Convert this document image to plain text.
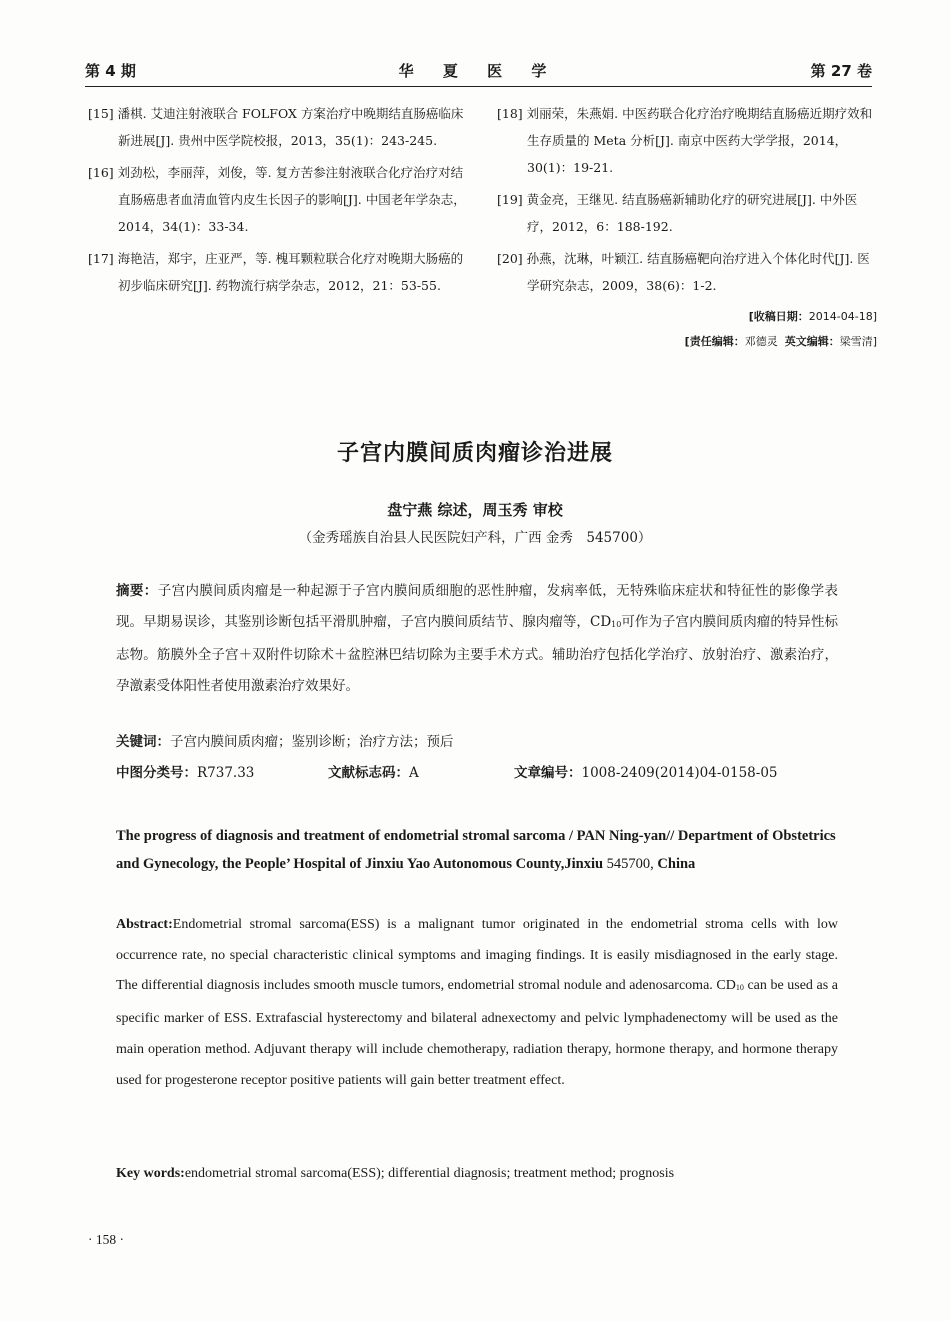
第 4 期	华 夏 医 学	第 27 卷

[15] 潘棋. 艾迪注射液联合 FOLFOX 方案治疗中晚期结直肠癌临床新进展[J]. 贵州中医学院校报，2013，35(1)：243-245.

[16] 刘劲松，李丽萍，刘俊，等. 复方苦参注射液联合化疗治疗对结直肠癌患者血清血管内皮生长因子的影响[J]. 中国老年学杂志，2014，34(1)：33-34.

[17] 海艳洁，郑宇，庄亚严，等. 槐耳颗粒联合化疗对晚期大肠癌的初步临床研究[J]. 药物流行病学杂志，2012，21：53-55.

[18] 刘丽荣，朱燕娟. 中医药联合化疗治疗晚期结直肠癌近期疗效和生存质量的 Meta 分析[J]. 南京中医药大学学报，2014，30(1)：19-21.

[19] 黄金亮，王继见. 结直肠癌新辅助化疗的研究进展[J]. 中外医疗，2012，6：188-192.

[20] 孙燕，沈琳，叶颖江. 结直肠癌靶向治疗进入个体化时代[J]. 医学研究杂志，2009，38(6)：1-2.

[收稿日期：2014-04-18]
[责任编辑：邓德灵 英文编辑：梁雪清]
子宫内膜间质肉瘤诊治进展
盘宁燕 综述，周玉秀 审校
（金秀瑶族自治县人民医院妇产科，广西 金秀　545700）
摘要：子宫内膜间质肉瘤是一种起源于子宫内膜间质细胞的恶性肿瘤，发病率低，无特殊临床症状和特征性的影像学表现。早期易误诊，其鉴别诊断包括平滑肌肿瘤，子宫内膜间质结节、腺肉瘤等，$CD_{10}$可作为子宫内膜间质肉瘤的特异性标志物。筋膜外全子宫＋双附件切除术＋盆腔淋巴结切除为主要手术方式。辅助治疗包括化学治疗、放射治疗、激素治疗，孕激素受体阳性者使用激素治疗效果好。
关键词：子宫内膜间质肉瘤；鉴别诊断；治疗方法；预后
中图分类号：R737.33	文献标志码：A	文章编号：1008-2409(2014)04-0158-05
The progress of diagnosis and treatment of endometrial stromal sarcoma / PAN Ning-yan// Department of Obstetrics and Gynecology, the People’ Hospital of Jinxiu Yao Autonomous County,Jinxiu 545700, China
Abstract:Endometrial stromal sarcoma(ESS) is a malignant tumor originated in the endometrial stroma cells with low occurrence rate, no special characteristic clinical symptoms and imaging findings. It is easily misdiagnosed in the early stage. The differential diagnosis includes smooth muscle tumors, endometrial stromal nodule and adenosarcoma. $CD_{10}$ can be used as a specific marker of ESS. Extrafascial hysterectomy and bilateral adnexectomy and pelvic lymphadenectomy will be used as the main operation method. Adjuvant therapy will include chemotherapy, radiation therapy, hormone therapy, and hormone therapy used for progesterone receptor positive patients will gain better treatment effect.
Key words:endometrial stromal sarcoma(ESS); differential diagnosis; treatment method; prognosis
· 158 ·
